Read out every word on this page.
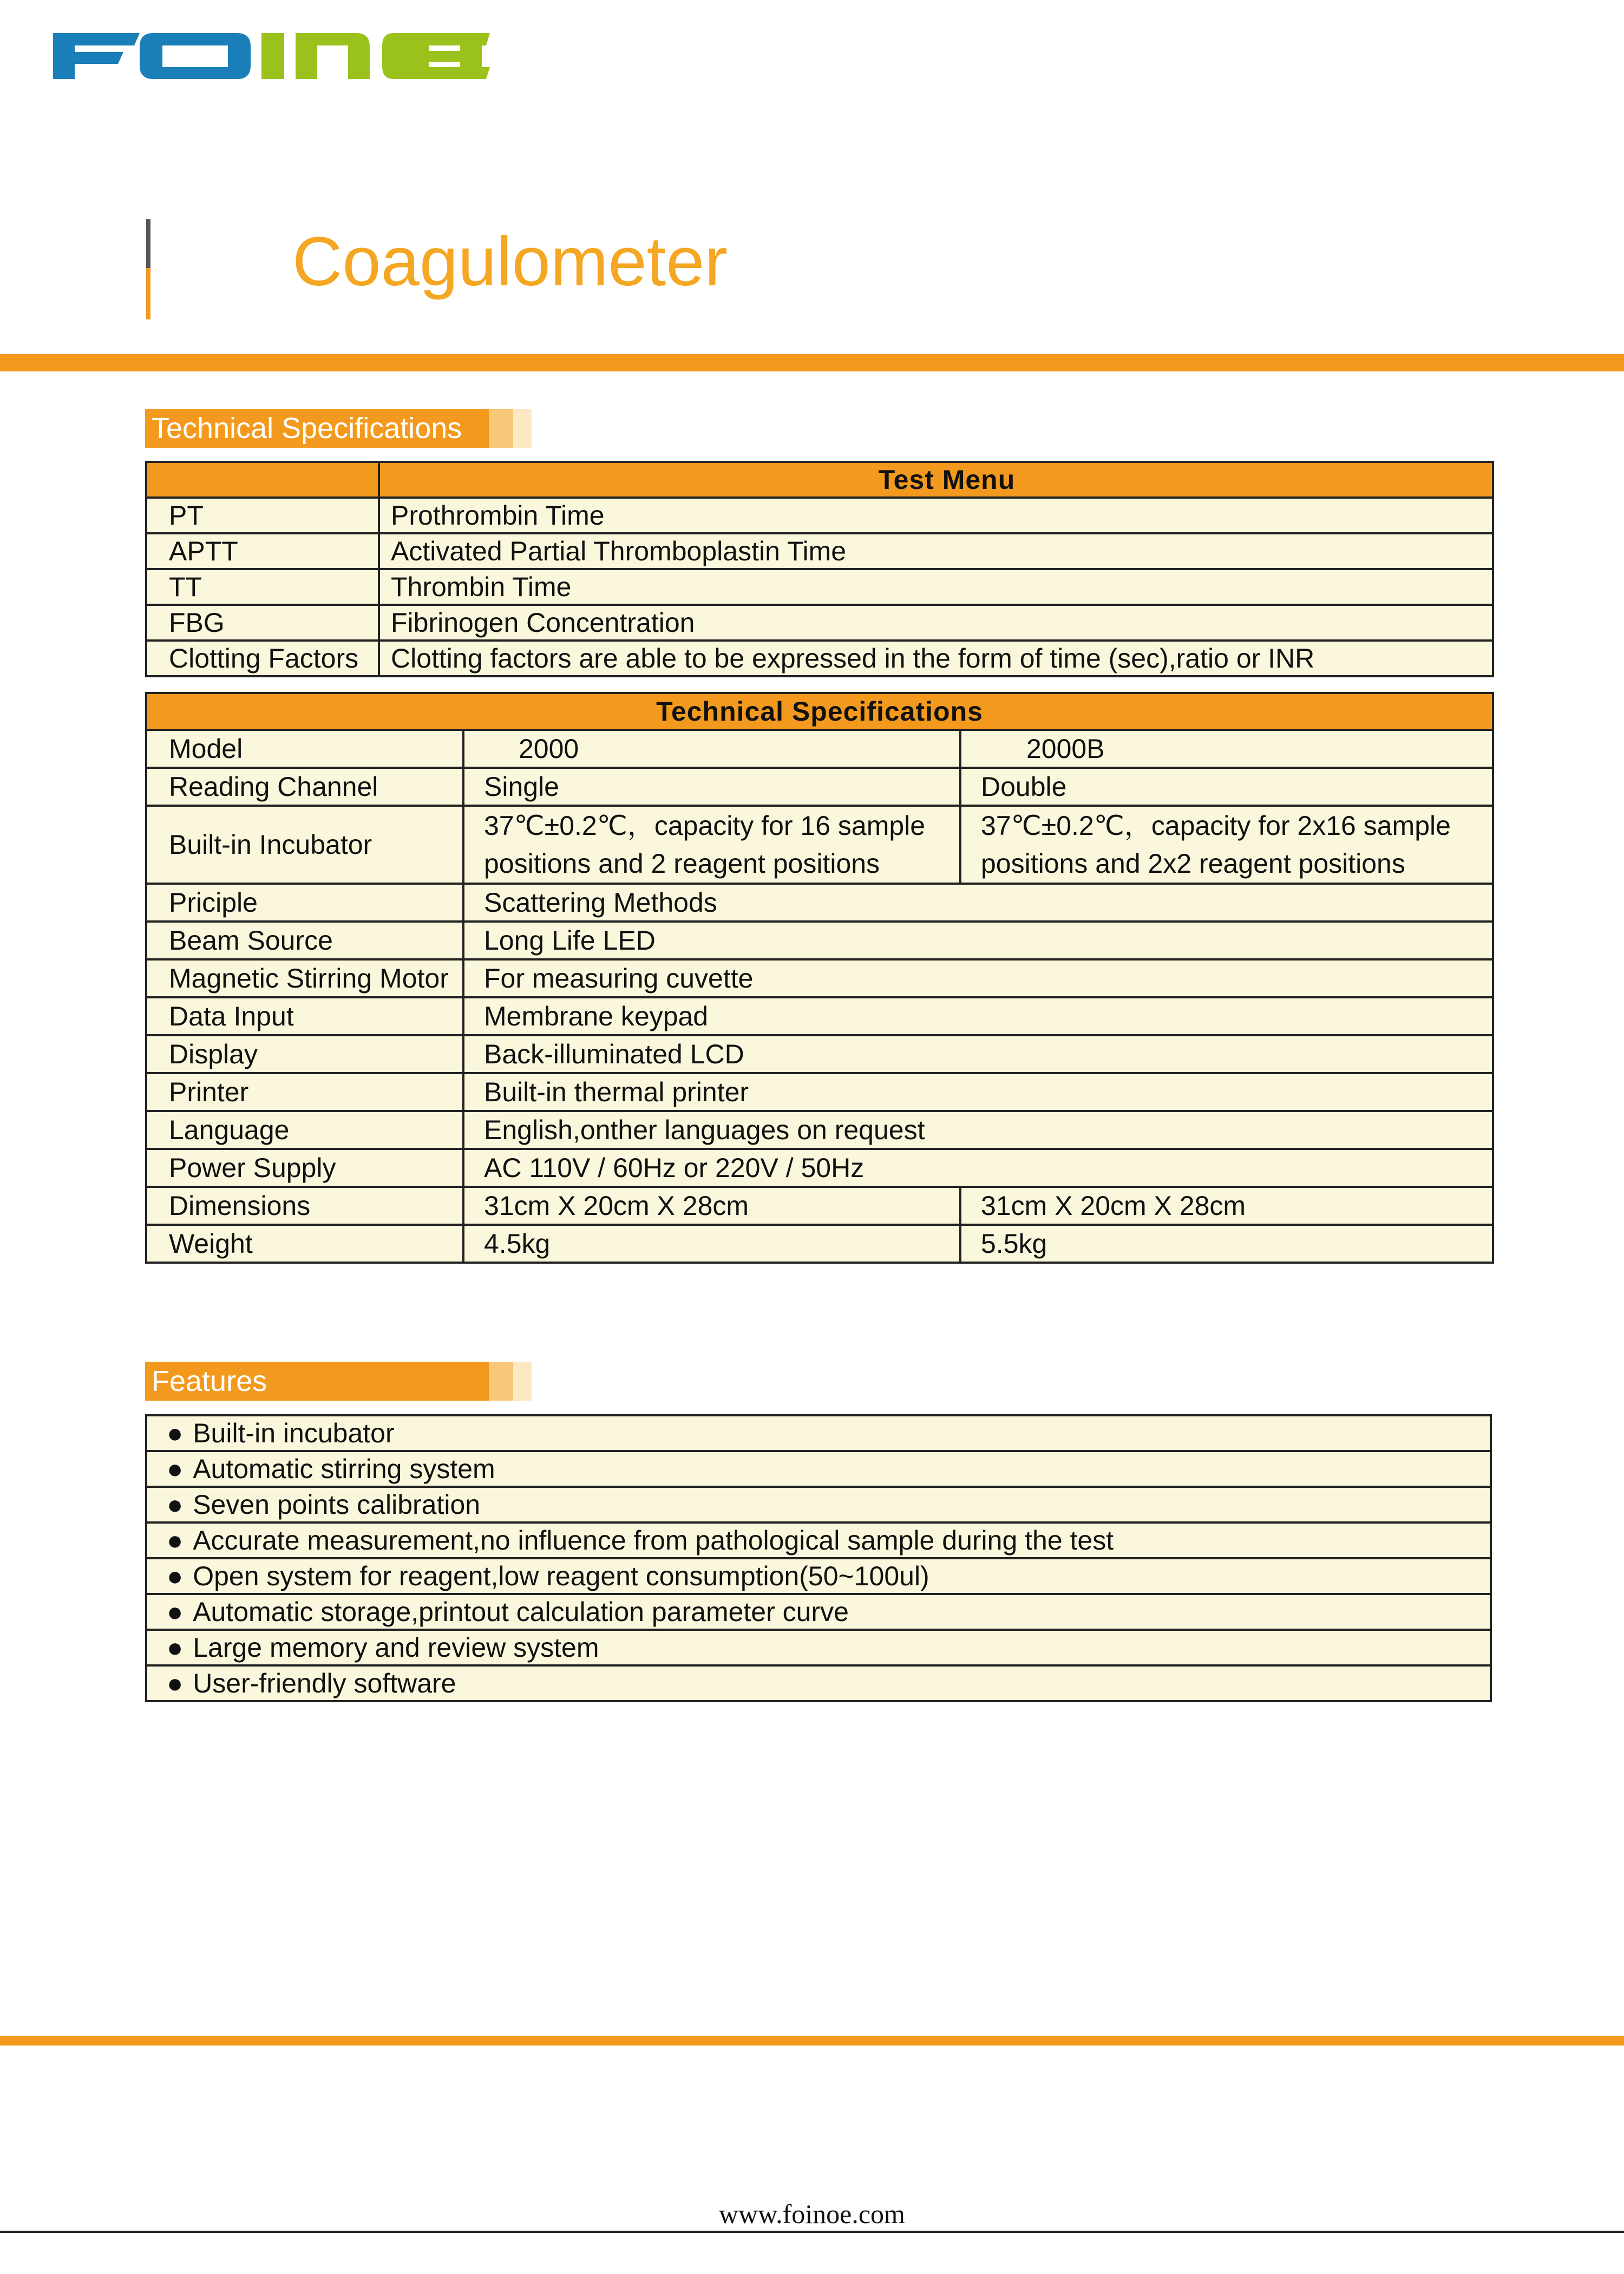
Coagulometer
Technical Specifications
	Test Menu
PT	Prothrombin Time
APTT	Activated Partial Thromboplastin Time
TT	Thrombin Time
FBG	Fibrinogen Concentration
Clotting Factors	Clotting factors are able to be expressed in the form of time (sec),ratio or INR
Technical Specifications		
Model	2000	2000B
Reading Channel	Single	Double
Built-in Incubator	37℃±0.2℃，capacity for 16 sample positions and 2 reagent positions	37℃±0.2℃，capacity for 2x16 sample positions and 2x2 reagent positions
Priciple	Scattering Methods	
Beam Source	Long Life LED	
Magnetic Stirring Motor	For measuring cuvette	
Data Input	Membrane keypad	
Display	Back-illuminated LCD	
Printer	Built-in thermal printer	
Language	English,onther languages on request	
Power Supply	AC 110V / 60Hz or 220V / 50Hz	
Dimensions	31cm X 20cm X 28cm	31cm X 20cm X 28cm
Weight	4.5kg	5.5kg
Features
● Built-in incubator
● Automatic stirring system
● Seven points calibration
● Accurate measurement,no influence from pathological sample during the test
● Open system for reagent,low reagent consumption(50~100ul)
● Automatic storage,printout calculation parameter curve
● Large memory and review system
● User-friendly software
www.foinoe.com
